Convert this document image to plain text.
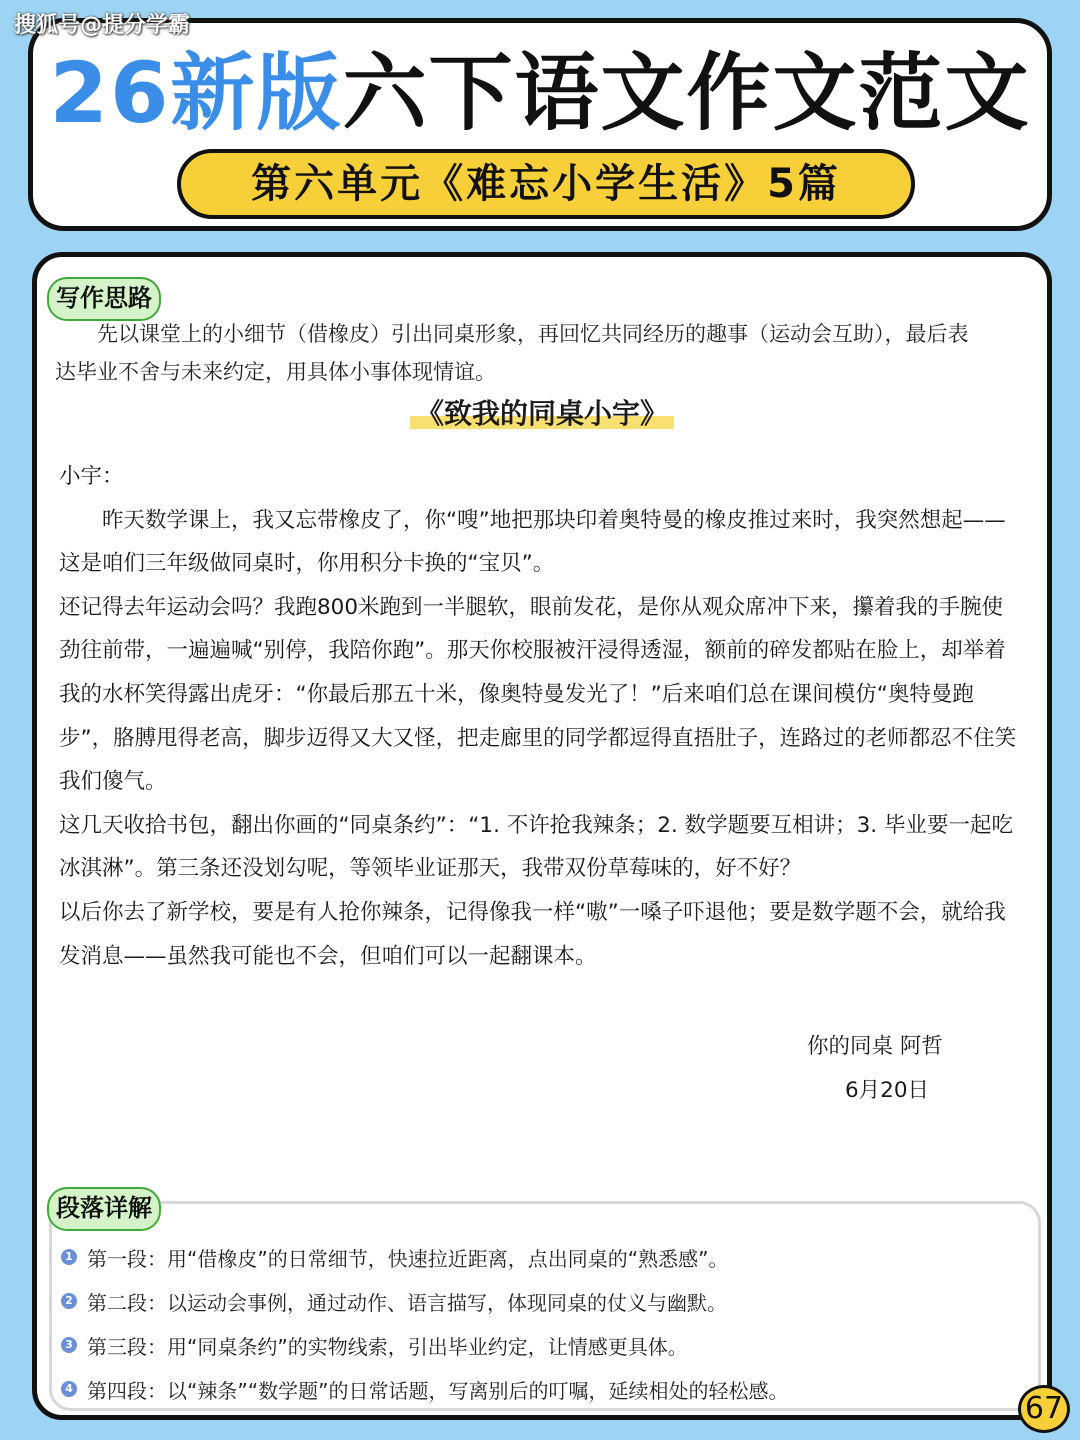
搜狐号@提分学霸
26新版六下语文作文范文
第六单元《难忘小学生活》5篇
写作思路
先以课堂上的小细节（借橡皮）引出同桌形象，再回忆共同经历的趣事（运动会互助），最后表达毕业不舍与未来约定，用具体小事体现情谊。
《致我的同桌小宇》

小宇：

昨天数学课上，我又忘带橡皮了，你“嗖”地把那块印着奥特曼的橡皮推过来时，我突然想起——这是咱们三年级做同桌时，你用积分卡换的“宝贝”。

还记得去年运动会吗？我跑800米跑到一半腿软，眼前发花，是你从观众席冲下来，攥着我的手腕使劲往前带，一遍遍喊“别停，我陪你跑”。那天你校服被汗浸得透湿，额前的碎发都贴在脸上，却举着我的水杯笑得露出虎牙：“你最后那五十米，像奥特曼发光了！”后来咱们总在课间模仿“奥特曼跑步”，胳膊甩得老高，脚步迈得又大又怪，把走廊里的同学都逗得直捂肚子，连路过的老师都忍不住笑我们傻气。

这几天收拾书包，翻出你画的“同桌条约”：“1. 不许抢我辣条；2. 数学题要互相讲；3. 毕业要一起吃冰淇淋”。第三条还没划勾呢，等领毕业证那天，我带双份草莓味的，好不好？

以后你去了新学校，要是有人抢你辣条，记得像我一样“嗷”一嗓子吓退他；要是数学题不会，就给我发消息——虽然我可能也不会，但咱们可以一起翻课本。

你的同桌 阿哲
6月20日
段落详解
1 第一段：用“借橡皮”的日常细节，快速拉近距离，点出同桌的“熟悉感”。
2 第二段：以运动会事例，通过动作、语言描写，体现同桌的仗义与幽默。
3 第三段：用“同桌条约”的实物线索，引出毕业约定，让情感更具体。
4 第四段：以“辣条”“数学题”的日常话题，写离别后的叮嘱，延续相处的轻松感。
67
